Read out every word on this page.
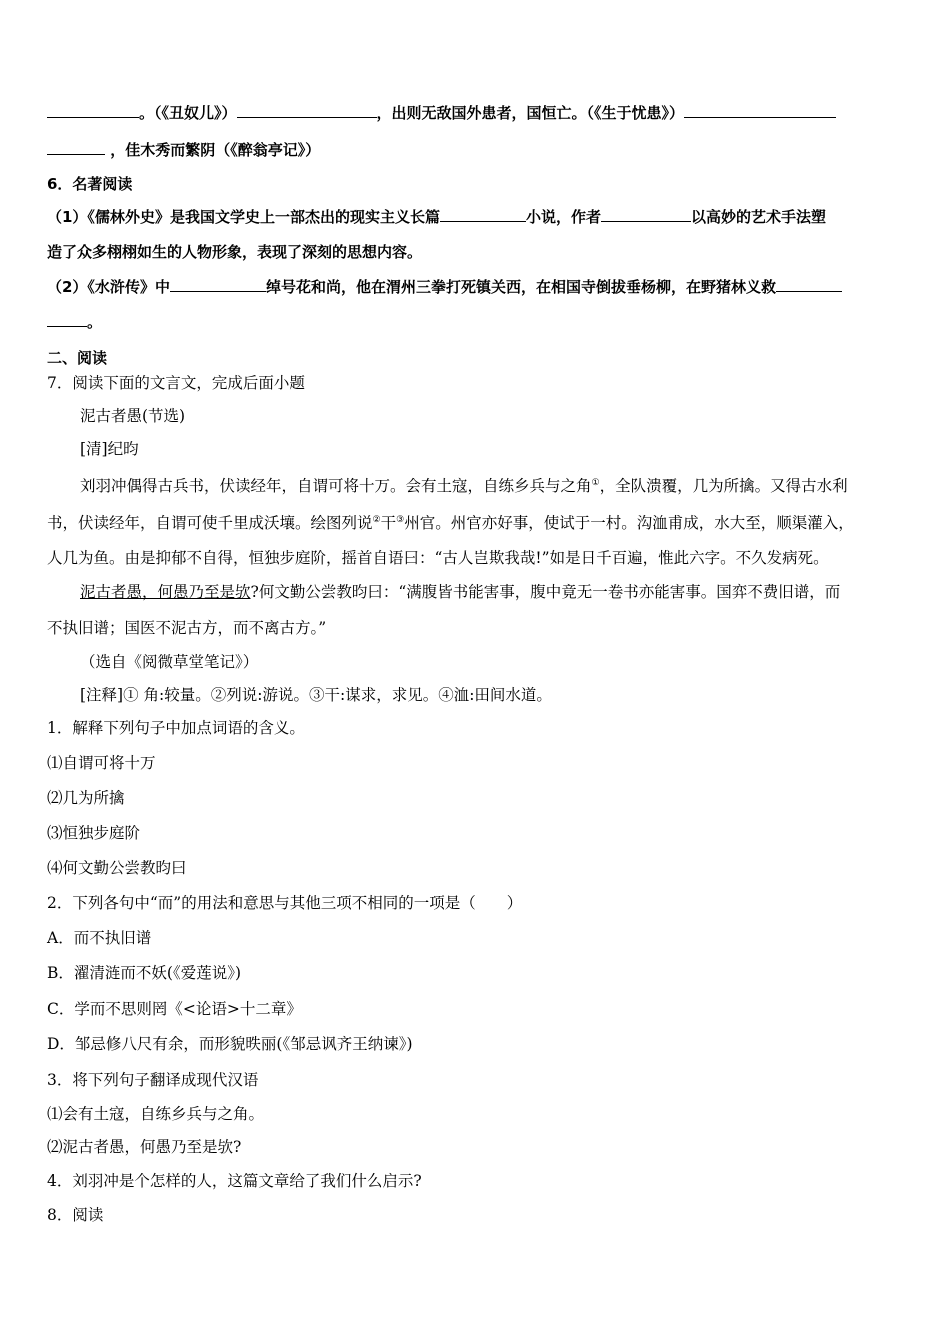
。（《丑奴儿》）	，出则无敌国外患者，国恒亡。（《生于忧患》）
，佳木秀而繁阴（《醉翁亭记》）
6．名著阅读
（1）《儒林外史》是我国文学史上一部杰出的现实主义长篇	小说，作者	以高妙的艺术手法塑
造了众多栩栩如生的人物形象，表现了深刻的思想内容。
（2）《水浒传》中	绰号花和尚，他在渭州三拳打死镇关西，在相国寺倒拔垂杨柳，在野猪林义救
。
二、阅读
7．阅读下面的文言文，完成后面小题
泥古者愚(节选)
[清]纪昀
刘羽冲偶得古兵书，伏读经年，自谓可将十万。会有土寇，自练乡兵与之角①，全队溃覆，几为所擒。又得古水利
书，伏读经年，自谓可使千里成沃壤。绘图列说②干③州官。州官亦好事，使试于一村。沟洫甫成，水大至，顺渠灌入，
人几为鱼。由是抑郁不自得，恒独步庭阶，摇首自语曰：“古人岂欺我哉!”如是日千百遍，惟此六字。不久发病死。
泥古者愚，何愚乃至是欤?何文勤公尝教昀曰：“满腹皆书能害事，腹中竟无一卷书亦能害事。国弈不费旧谱，而
不执旧谱；国医不泥古方，而不离古方。”
（选自《阅微草堂笔记》）
[注释]① 角:较量。②列说:游说。③干:谋求，求见。④洫:田间水道。
1．解释下列句子中加点词语的含义。
⑴自谓可将十万
⑵几为所擒
⑶恒独步庭阶
⑷何文勤公尝教昀曰
2．下列各句中“而”的用法和意思与其他三项不相同的一项是（　　）
A．而不执旧谱
B．濯清涟而不妖(《爱莲说》)
C．学而不思则罔《<论语>十二章》
D．邹忌修八尺有余，而形貌昳丽(《邹忌讽齐王纳谏》)
3．将下列句子翻译成现代汉语
⑴会有土寇，自练乡兵与之角。
⑵泥古者愚，何愚乃至是欤?
4．刘羽冲是个怎样的人，这篇文章给了我们什么启示?
8．阅读
